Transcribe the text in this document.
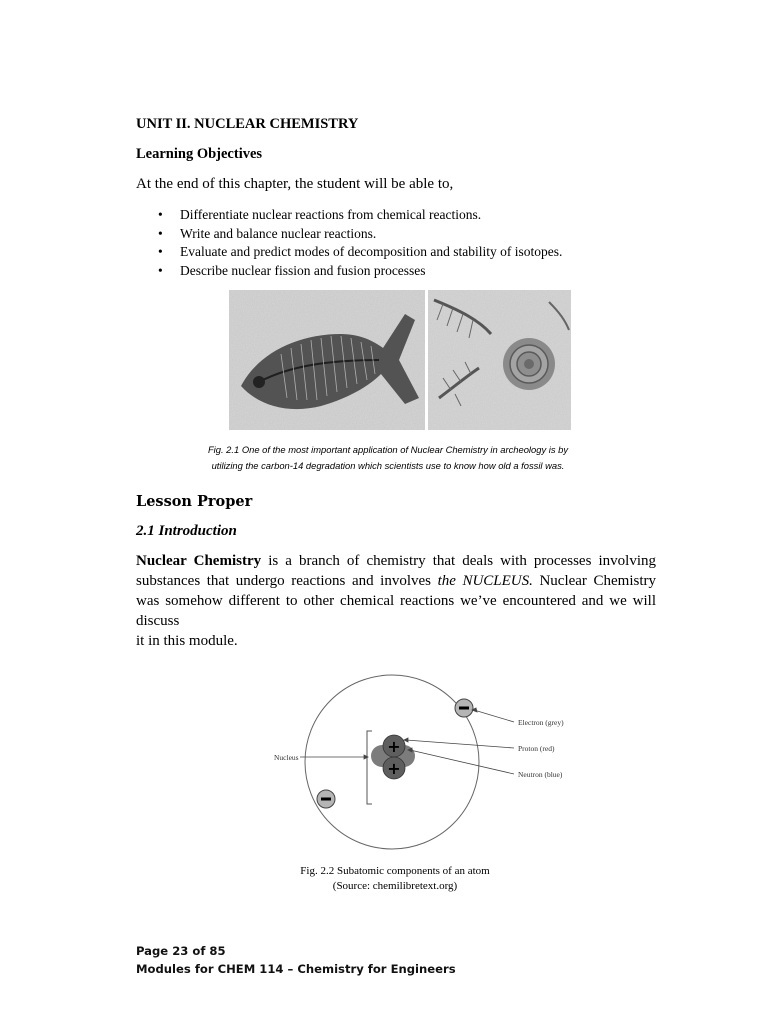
UNIT II. NUCLEAR CHEMISTRY
Learning Objectives
At the end of this chapter, the student will be able to,
• Differentiate nuclear reactions from chemical reactions.
• Write and balance nuclear reactions.
• Evaluate and predict modes of decomposition and stability of isotopes.
• Describe nuclear fission and fusion processes
Fig. 2.1 One of the most important application of Nuclear Chemistry in archeology is by
utilizing the carbon-14 degradation which scientists use to know how old a fossil was.
Lesson Proper
2.1 Introduction
Nuclear Chemistry is a branch of chemistry that deals with processes involving substances that undergo reactions and involves the NUCLEUS. Nuclear Chemistry was somehow different to other chemical reactions we’ve encountered and we will discuss
it in this module.
+
+
Nucleus
Electron (grey)
Proton (red)
Neutron (blue)
Fig. 2.2 Subatomic components of an atom
(Source: chemilibretext.org)
Page 23 of 85
Modules for CHEM 114 – Chemistry for Engineers
